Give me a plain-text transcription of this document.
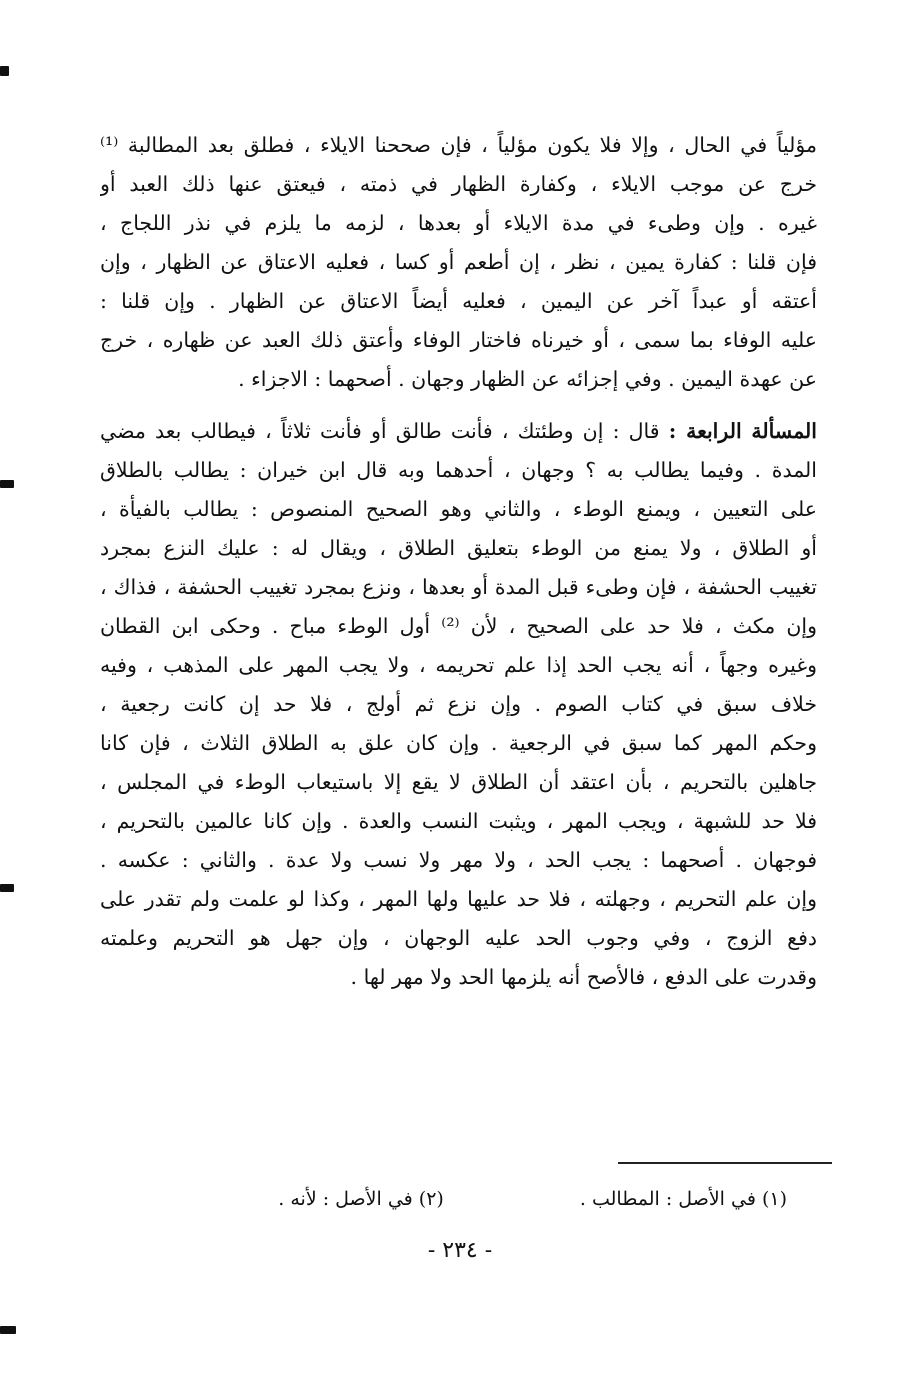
مؤلياً في الحال ، وإلا فلا يكون مؤلياً ، فإن صححنا الايلاء ، فطلق بعد المطالبة ⁽¹⁾
خرج عن موجب الايلاء ، وكفارة الظهار في ذمته ، فيعتق عنها ذلك العبد أو
غيره . وإن وطىء في مدة الايلاء أو بعدها ، لزمه ما يلزم في نذر اللجاج ،
فإن قلنا : كفارة يمين ، نظر ، إن أطعم أو كسا ، فعليه الاعتاق عن الظهار ، وإن
أعتقه أو عبداً آخر عن اليمين ، فعليه أيضاً الاعتاق عن الظهار . وإن قلنا :
عليه الوفاء بما سمى ، أو خيرناه فاختار الوفاء وأعتق ذلك العبد عن ظهاره ، خرج
عن عهدة اليمين . وفي إجزائه عن الظهار وجهان . أصحهما : الاجزاء .
المسألة الرابعة : قال : إن وطئتك ، فأنت طالق أو فأنت ثلاثاً ، فيطالب بعد مضي
المدة . وفيما يطالب به ؟ وجهان ، أحدهما وبه قال ابن خيران : يطالب بالطلاق
على التعيين ، ويمنع الوطء ، والثاني وهو الصحيح المنصوص : يطالب بالفيأة ،
أو الطلاق ، ولا يمنع من الوطء بتعليق الطلاق ، ويقال له : عليك النزع بمجرد
تغييب الحشفة ، فإن وطىء قبل المدة أو بعدها ، ونزع بمجرد تغييب الحشفة ، فذاك ،
وإن مكث ، فلا حد على الصحيح ، لأن ⁽²⁾ أول الوطء مباح . وحكى ابن القطان
وغيره وجهاً ، أنه يجب الحد إذا علم تحريمه ، ولا يجب المهر على المذهب ، وفيه
خلاف سبق في كتاب الصوم . وإن نزع ثم أولج ، فلا حد إن كانت رجعية ،
وحكم المهر كما سبق في الرجعية . وإن كان علق به الطلاق الثلاث ، فإن كانا
جاهلين بالتحريم ، بأن اعتقد أن الطلاق لا يقع إلا باستيعاب الوطء في المجلس ،
فلا حد للشبهة ، ويجب المهر ، ويثبت النسب والعدة . وإن كانا عالمين بالتحريم ،
فوجهان . أصحهما : يجب الحد ، ولا مهر ولا نسب ولا عدة . والثاني : عكسه .
وإن علم التحريم ، وجهلته ، فلا حد عليها ولها المهر ، وكذا لو علمت ولم تقدر على
دفع الزوج ، وفي وجوب الحد عليه الوجهان ، وإن جهل هو التحريم وعلمته
وقدرت على الدفع ، فالأصح أنه يلزمها الحد ولا مهر لها .
(١) في الأصل : المطالب . (٢) في الأصل : لأنه .
- ٢٣٤ -
